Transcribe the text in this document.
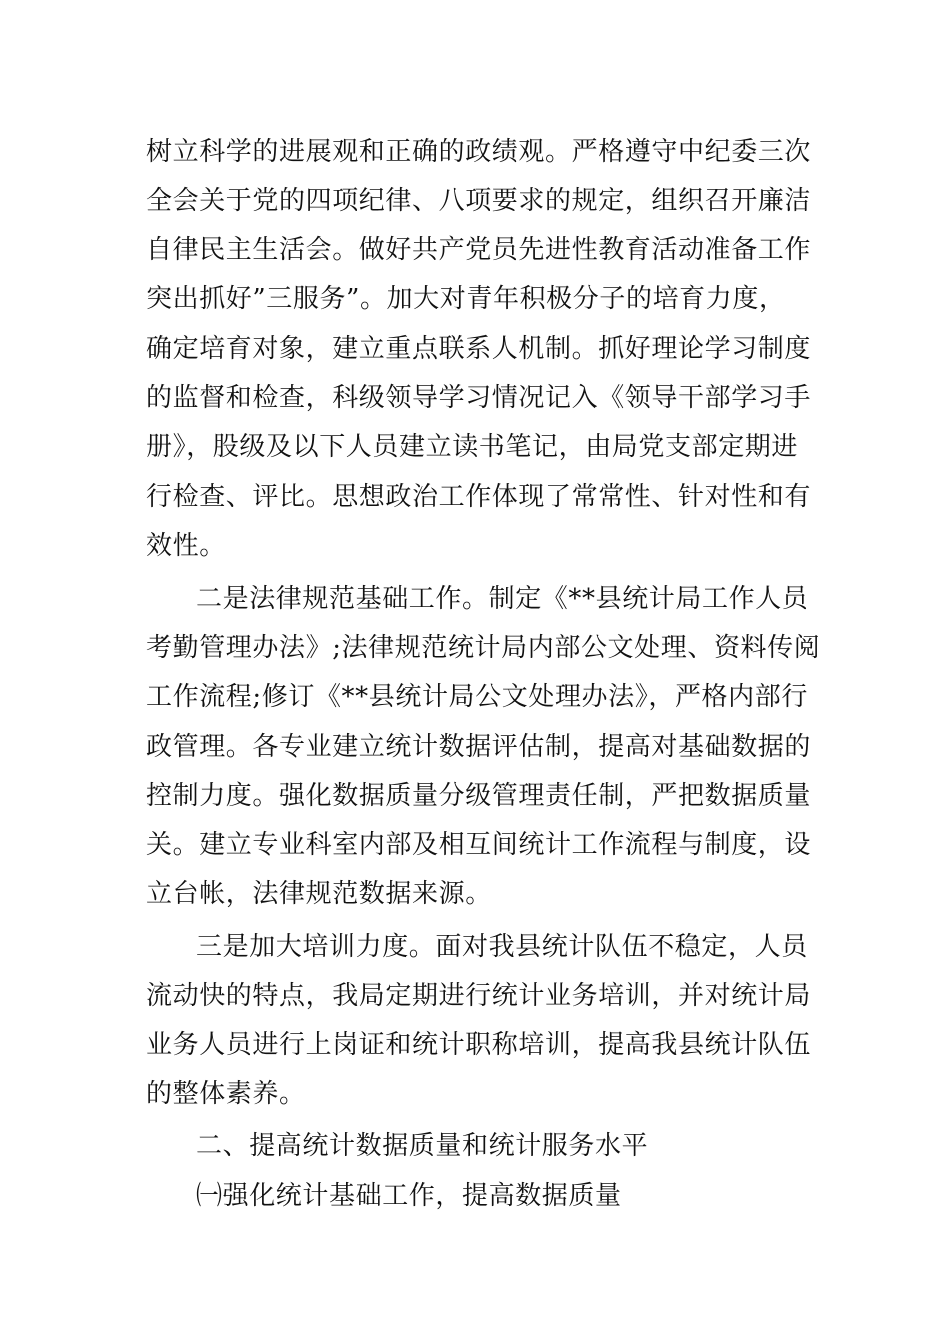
树立科学的进展观和正确的政绩观。严格遵守中纪委三次
全会关于党的四项纪律、八项要求的规定，组织召开廉洁
自律民主生活会。做好共产党员先进性教育活动准备工作
突出抓好”三服务”。加大对青年积极分子的培育力度，
确定培育对象，建立重点联系人机制。抓好理论学习制度
的监督和检查，科级领导学习情况记入《领导干部学习手
册》，股级及以下人员建立读书笔记，由局党支部定期进
行检查、评比。思想政治工作体现了常常性、针对性和有
效性。
二是法律规范基础工作。制定《**县统计局工作人员
考勤管理办法》;法律规范统计局内部公文处理、资料传阅
工作流程;修订《**县统计局公文处理办法》，严格内部行
政管理。各专业建立统计数据评估制，提高对基础数据的
控制力度。强化数据质量分级管理责任制，严把数据质量
关。建立专业科室内部及相互间统计工作流程与制度，设
立台帐，法律规范数据来源。
三是加大培训力度。面对我县统计队伍不稳定，人员
流动快的特点，我局定期进行统计业务培训，并对统计局
业务人员进行上岗证和统计职称培训，提高我县统计队伍
的整体素养。
二、提高统计数据质量和统计服务水平
㈠强化统计基础工作，提高数据质量
